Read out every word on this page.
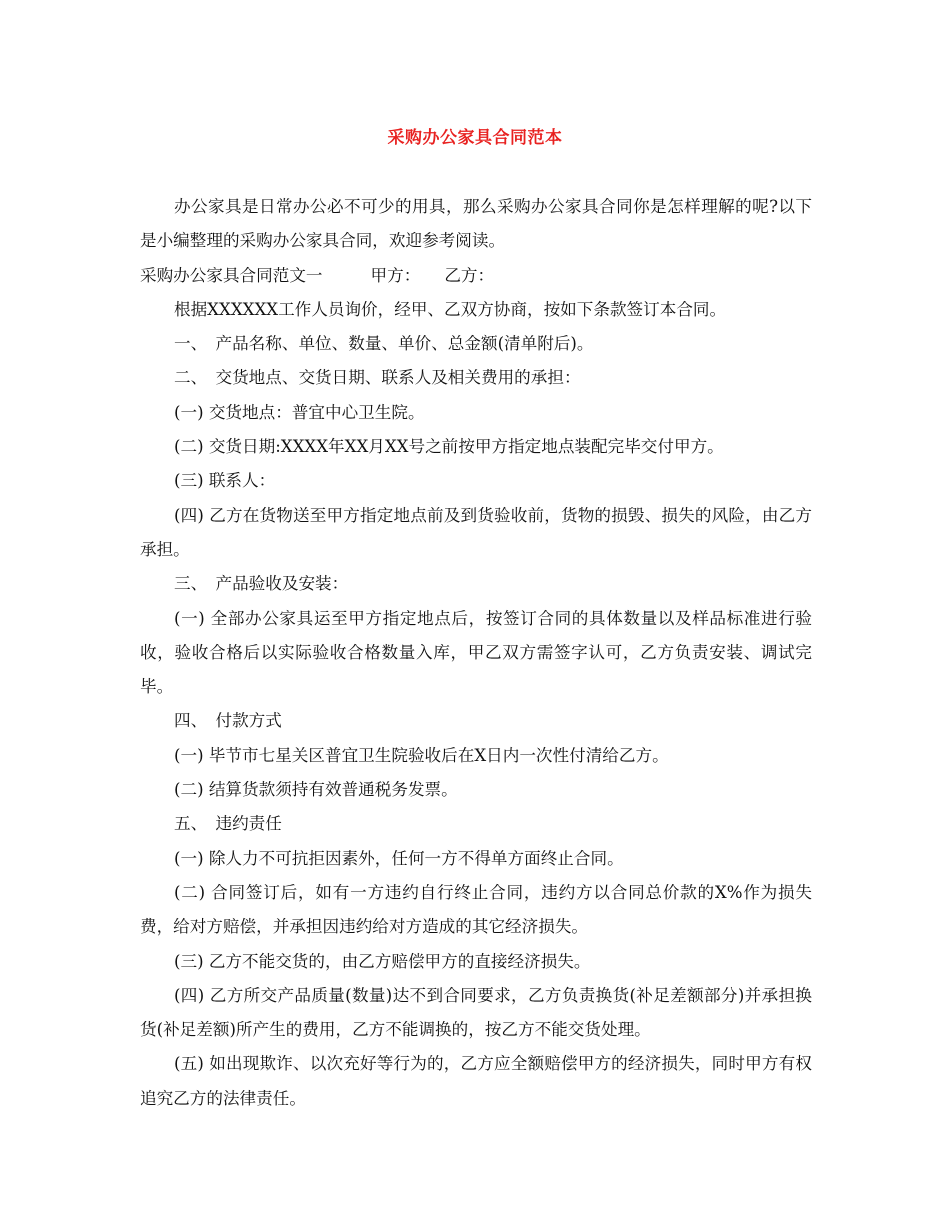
采购办公家具合同范本

办公家具是日常办公必不可少的用具，那么采购办公家具合同你是怎样理解的呢?以下是小编整理的采购办公家具合同，欢迎参考阅读。

采购办公家具合同范文一	甲方： 乙方：

根据XXXXXX工作人员询价，经甲、乙双方协商，按如下条款签订本合同。

一、　产品名称、单位、数量、单价、总金额(清单附后)。

二、　交货地点、交货日期、联系人及相关费用的承担：

(一) 交货地点：普宜中心卫生院。

(二) 交货日期:XXXX年XX月XX号之前按甲方指定地点装配完毕交付甲方。

(三) 联系人：

(四) 乙方在货物送至甲方指定地点前及到货验收前，货物的损毁、损失的风险，由乙方承担。

三、　产品验收及安装：

(一) 全部办公家具运至甲方指定地点后，按签订合同的具体数量以及样品标准进行验收，验收合格后以实际验收合格数量入库，甲乙双方需签字认可，乙方负责安装、调试完毕。

四、　付款方式

(一) 毕节市七星关区普宜卫生院验收后在X日内一次性付清给乙方。

(二) 结算货款须持有效普通税务发票。

五、　违约责任

(一) 除人力不可抗拒因素外，任何一方不得单方面终止合同。

(二) 合同签订后，如有一方违约自行终止合同，违约方以合同总价款的X%作为损失费，给对方赔偿，并承担因违约给对方造成的其它经济损失。

(三) 乙方不能交货的，由乙方赔偿甲方的直接经济损失。

(四) 乙方所交产品质量(数量)达不到合同要求，乙方负责换货(补足差额部分)并承担换货(补足差额)所产生的费用，乙方不能调换的，按乙方不能交货处理。

(五) 如出现欺诈、以次充好等行为的，乙方应全额赔偿甲方的经济损失，同时甲方有权追究乙方的法律责任。
